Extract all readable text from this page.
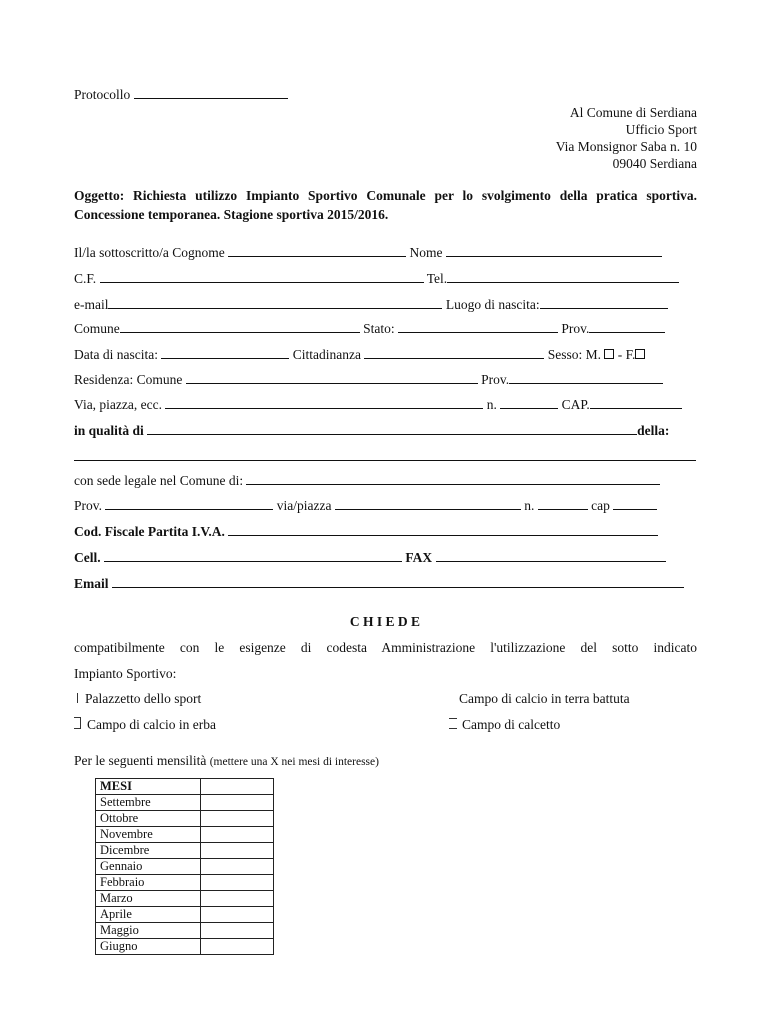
Protocollo
Al Comune di Serdiana
Ufficio Sport
Via Monsignor Saba n. 10
09040 Serdiana
Oggetto: Richiesta utilizzo Impianto Sportivo Comunale per lo svolgimento della pratica sportiva. Concessione temporanea. Stagione sportiva 2015/2016.
Il/la sottoscritto/a Cognome	Nome
C.F.	Tel.
e-mail	Luogo di nascita:
Comune	Stato:	Prov.
Data di nascita:	Cittadinanza	Sesso: M. - F.
Residenza: Comune	Prov.
Via, piazza, ecc.	n.	CAP.
in qualità di	della:
con sede legale nel Comune di:
Prov.	via/piazza	n.	cap
Cod. Fiscale Partita I.V.A.
Cell.	FAX
Email
C H I E D E
compatibilmente con le esigenze di codesta Amministrazione l'utilizzazione del sotto indicato
Impianto Sportivo:
Palazzetto dello sport	Campo di calcio in terra battuta
Campo di calcio in erba	Campo di calcetto
Per le seguenti mensilità (mettere una X nei mesi di interesse)
MESI	
Settembre	
Ottobre	
Novembre	
Dicembre	
Gennaio	
Febbraio	
Marzo	
Aprile	
Maggio	
Giugno	
